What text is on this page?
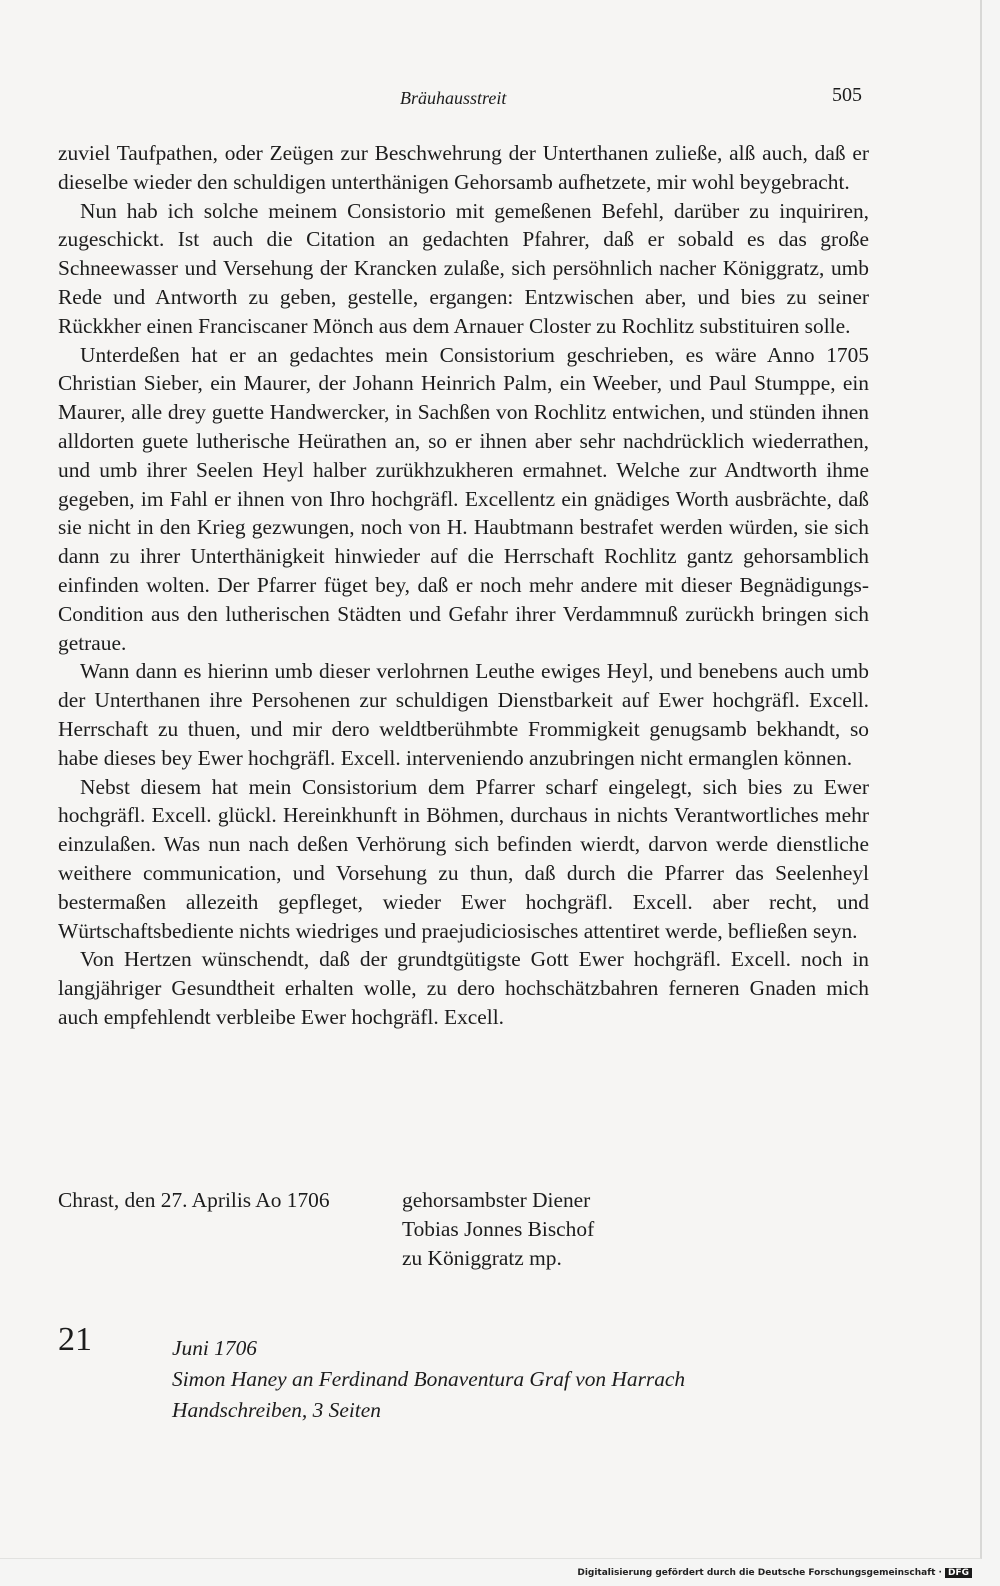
Bräuhausstreit	505

zuviel Taufpathen, oder Zeügen zur Beschwehrung der Unterthanen zuließe, alß auch, daß er dieselbe wieder den schuldigen unterthänigen Gehorsamb aufhetzete, mir wohl beygebracht.

Nun hab ich solche meinem Consistorio mit gemeßenen Befehl, darüber zu inquiriren, zugeschickt. Ist auch die Citation an gedachten Pfahrer, daß er sobald es das große Schneewasser und Versehung der Krancken zulaße, sich persöhnlich nacher Königgratz, umb Rede und Antworth zu geben, gestelle, ergangen: Entzwischen aber, und bies zu seiner Rückkher einen Franciscaner Mönch aus dem Arnauer Closter zu Rochlitz substituiren solle.

Unterdeßen hat er an gedachtes mein Consistorium geschrieben, es wäre Anno 1705 Christian Sieber, ein Maurer, der Johann Heinrich Palm, ein Weeber, und Paul Stumppe, ein Maurer, alle drey guette Handwercker, in Sachßen von Rochlitz entwichen, und stünden ihnen alldorten guete lutherische Heürathen an, so er ihnen aber sehr nachdrücklich wiederrathen, und umb ihrer Seelen Heyl halber zurükhzukheren ermahnet. Welche zur Andtworth ihme gegeben, im Fahl er ihnen von Ihro hochgräfl. Excellentz ein gnädiges Worth ausbrächte, daß sie nicht in den Krieg gezwungen, noch von H. Haubtmann bestrafet werden würden, sie sich dann zu ihrer Unterthänigkeit hinwieder auf die Herrschaft Rochlitz gantz gehorsamblich einfinden wolten. Der Pfarrer füget bey, daß er noch mehr andere mit dieser Begnädigungs-Condition aus den lutherischen Städten und Gefahr ihrer Verdammnuß zurückh bringen sich getraue.

Wann dann es hierinn umb dieser verlohrnen Leuthe ewiges Heyl, und benebens auch umb der Unterthanen ihre Persohenen zur schuldigen Dienstbarkeit auf Ewer hochgräfl. Excell. Herrschaft zu thuen, und mir dero weldtberühmbte Frommigkeit genugsamb bekhandt, so habe dieses bey Ewer hochgräfl. Excell. interveniendo anzubringen nicht ermanglen können.

Nebst diesem hat mein Consistorium dem Pfarrer scharf eingelegt, sich bies zu Ewer hochgräfl. Excell. glückl. Hereinkhunft in Böhmen, durchaus in nichts Verantwortliches mehr einzulaßen. Was nun nach deßen Verhörung sich befinden wierdt, darvon werde dienstliche weithere communication, und Vorsehung zu thun, daß durch die Pfarrer das Seelenheyl bestermaßen allezeith gepfleget, wieder Ewer hochgräfl. Excell. aber recht, und Würtschaftsbediente nichts wiedriges und praejudiciosisches attentiret werde, befließen seyn.

Von Hertzen wünschendt, daß der grundtgütigste Gott Ewer hochgräfl. Excell. noch in langjähriger Gesundtheit erhalten wolle, zu dero hochschätzbahren ferneren Gnaden mich auch empfehlendt verbleibe Ewer hochgräfl. Excell.

Chrast, den 27. Aprilis Ao 1706	gehorsambster Diener
Tobias Jonnes Bischof
zu Königgratz mp.
21	Juni 1706
Simon Haney an Ferdinand Bonaventura Graf von Harrach
Handschreiben, 3 Seiten
Digitalisierung gefördert durch die Deutsche Forschungsgemeinschaft · DFG
